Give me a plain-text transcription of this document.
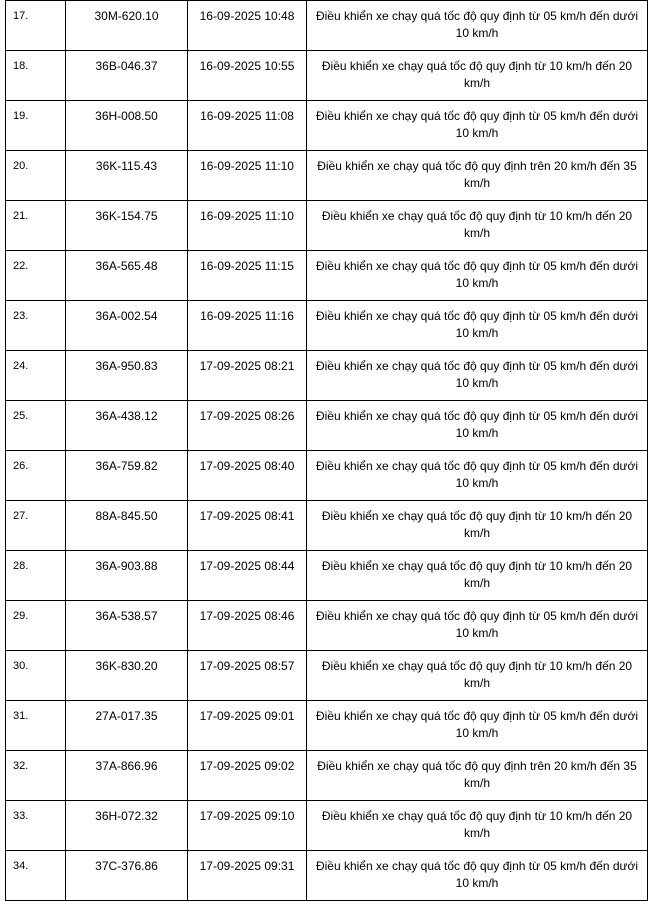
17.	30M-620.10	16-09-2025 10:48	Điều khiển xe chạy quá tốc độ quy định từ 05 km/h đến dưới 10 km/h
18.	36B-046.37	16-09-2025 10:55	Điều khiển xe chạy quá tốc độ quy định từ 10 km/h đến 20 km/h
19.	36H-008.50	16-09-2025 11:08	Điều khiển xe chạy quá tốc độ quy định từ 05 km/h đến dưới 10 km/h
20.	36K-115.43	16-09-2025 11:10	Điều khiển xe chạy quá tốc độ quy định trên 20 km/h đến 35 km/h
21.	36K-154.75	16-09-2025 11:10	Điều khiển xe chạy quá tốc độ quy định từ 10 km/h đến 20 km/h
22.	36A-565.48	16-09-2025 11:15	Điều khiển xe chạy quá tốc độ quy định từ 05 km/h đến dưới 10 km/h
23.	36A-002.54	16-09-2025 11:16	Điều khiển xe chạy quá tốc độ quy định từ 05 km/h đến dưới 10 km/h
24.	36A-950.83	17-09-2025 08:21	Điều khiển xe chạy quá tốc độ quy định từ 05 km/h đến dưới 10 km/h
25.	36A-438.12	17-09-2025 08:26	Điều khiển xe chạy quá tốc độ quy định từ 05 km/h đến dưới 10 km/h
26.	36A-759.82	17-09-2025 08:40	Điều khiển xe chạy quá tốc độ quy định từ 05 km/h đến dưới 10 km/h
27.	88A-845.50	17-09-2025 08:41	Điều khiển xe chạy quá tốc độ quy định từ 10 km/h đến 20 km/h
28.	36A-903.88	17-09-2025 08:44	Điều khiển xe chạy quá tốc độ quy định từ 10 km/h đến 20 km/h
29.	36A-538.57	17-09-2025 08:46	Điều khiển xe chạy quá tốc độ quy định từ 05 km/h đến dưới 10 km/h
30.	36K-830.20	17-09-2025 08:57	Điều khiển xe chạy quá tốc độ quy định từ 10 km/h đến 20 km/h
31.	27A-017.35	17-09-2025 09:01	Điều khiển xe chạy quá tốc độ quy định từ 05 km/h đến dưới 10 km/h
32.	37A-866.96	17-09-2025 09:02	Điều khiển xe chạy quá tốc độ quy định trên 20 km/h đến 35 km/h
33.	36H-072.32	17-09-2025 09:10	Điều khiển xe chạy quá tốc độ quy định từ 10 km/h đến 20 km/h
34.	37C-376.86	17-09-2025 09:31	Điều khiển xe chạy quá tốc độ quy định từ 05 km/h đến dưới 10 km/h
